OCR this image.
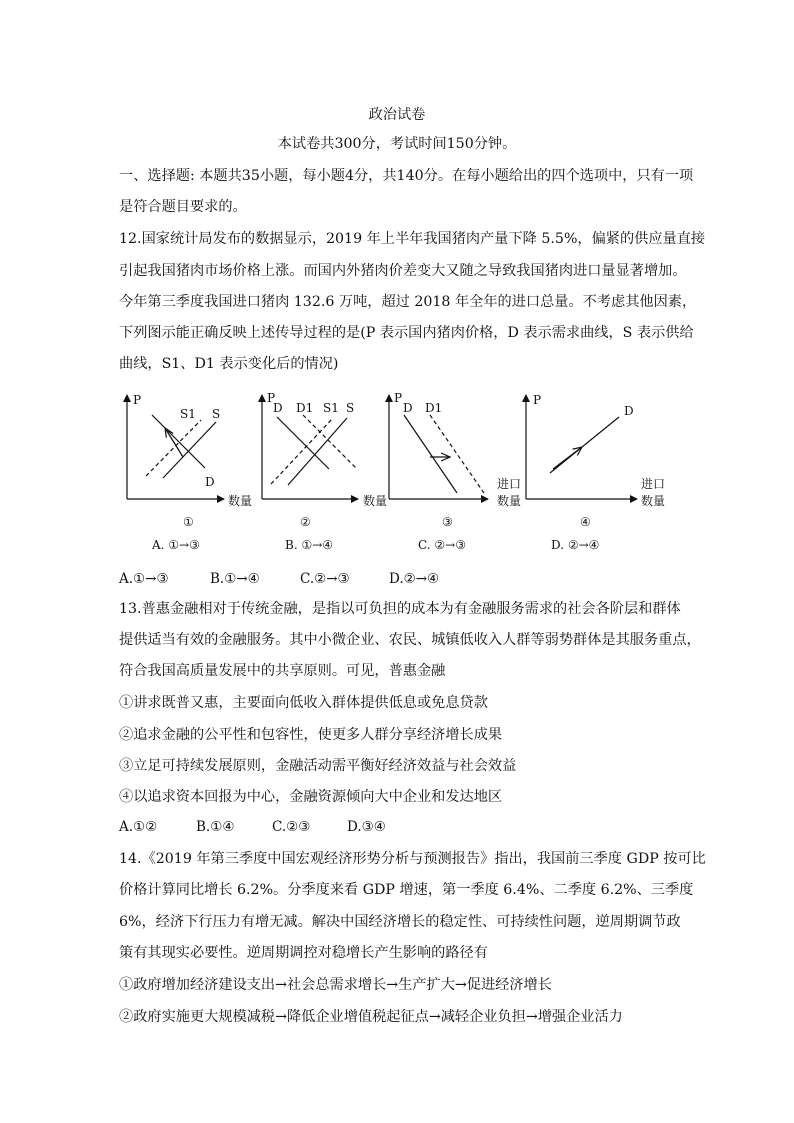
政治试卷
本试卷共300分，考试时间150分钟。
一、选择题: 本题共35小题，每小题4分，共140分。在每小题给出的四个选项中，只有一项
是符合题目要求的。
12.国家统计局发布的数据显示，2019 年上半年我国猪肉产量下降 5.5%，偏紧的供应量直接
引起我国猪肉市场价格上涨。而国内外猪肉价差变大又随之导致我国猪肉进口量显著增加。
今年第三季度我国进口猪肉 132.6 万吨，超过 2018 年全年的进口总量。不考虑其他因素，
下列图示能正确反映上述传导过程的是(P 表示国内猪肉价格，D 表示需求曲线，S 表示供给
曲线，S1、D1 表示变化后的情况)
P
S1 S
D
数量
①
P
D D1 S1 S
数量
②
P
D D1
进口
数量
③
P
D
进口
数量
④
A. ①→③	B. ①→④	C. ②→③	D. ②→④
A.①→③	B.①→④	C.②→③	D.②→④
13.普惠金融相对于传统金融，是指以可负担的成本为有金融服务需求的社会各阶层和群体
提供适当有效的金融服务。其中小微企业、农民、城镇低收入人群等弱势群体是其服务重点，
符合我国高质量发展中的共享原则。可见，普惠金融
①讲求既普又惠，主要面向低收入群体提供低息或免息贷款
②追求金融的公平性和包容性，使更多人群分享经济增长成果
③立足可持续发展原则，金融活动需平衡好经济效益与社会效益
④以追求资本回报为中心，金融资源倾向大中企业和发达地区
A.①②	B.①④	C.②③	D.③④
14.《2019 年第三季度中国宏观经济形势分析与预测报告》指出，我国前三季度 GDP 按可比
价格计算同比增长 6.2%。分季度来看 GDP 增速，第一季度 6.4%、二季度 6.2%、三季度
6%，经济下行压力有增无减。解决中国经济增长的稳定性、可持续性问题，逆周期调节政
策有其现实必要性。逆周期调控对稳增长产生影响的路径有
①政府增加经济建设支出→社会总需求增长→生产扩大→促进经济增长
②政府实施更大规模减税→降低企业增值税起征点→减轻企业负担→增强企业活力
